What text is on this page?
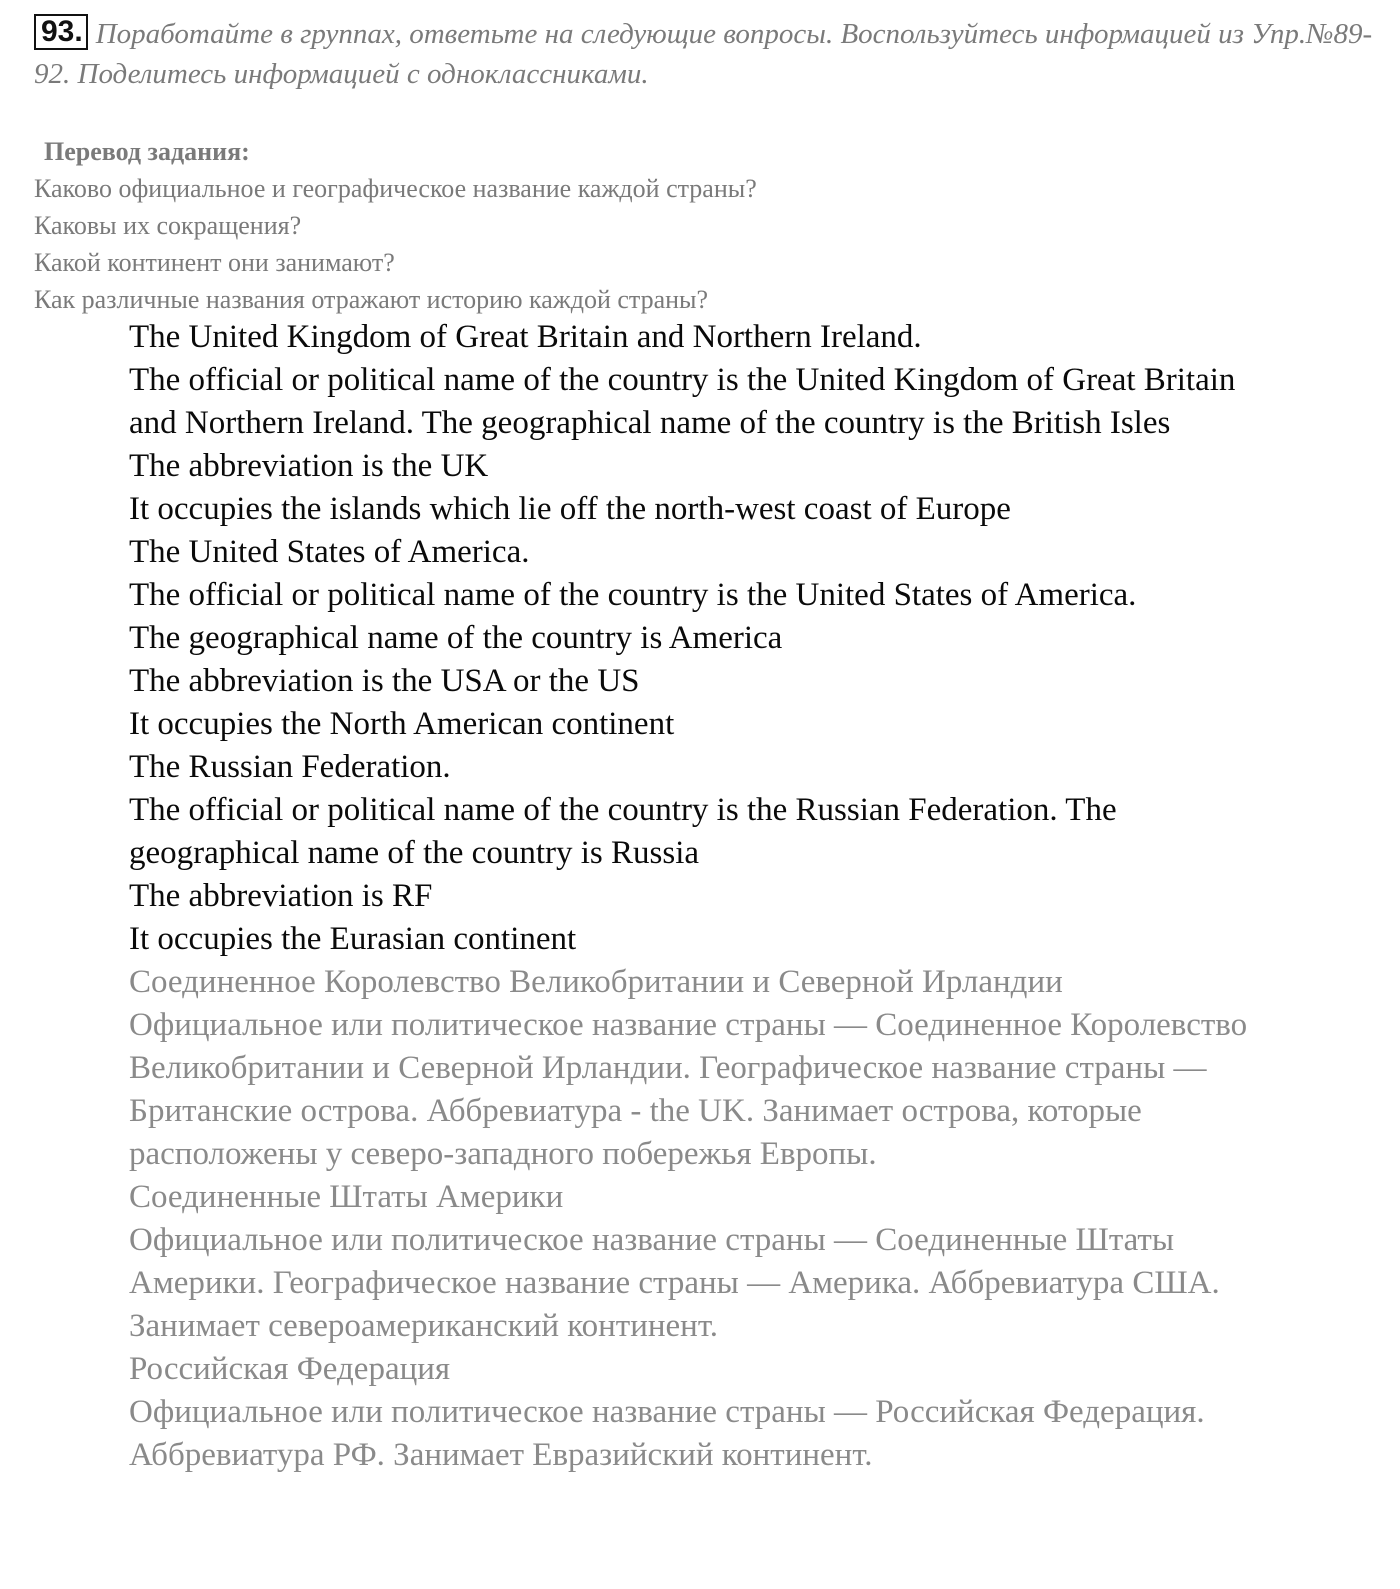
93. Поработайте в группах, ответьте на следующие вопросы. Воспользуйтесь информацией из Упр.№89-92. Поделитесь информацией с одноклассниками.
Перевод задания:
Каково официальное и географическое название каждой страны?
Каковы их сокращения?
Какой континент они занимают?
Как различные названия отражают историю каждой страны?
The United Kingdom of Great Britain and Northern Ireland.
The official or political name of the country is the United Kingdom of Great Britain and Northern Ireland. The geographical name of the country is the British Isles
The abbreviation is the UK
It occupies the islands which lie off the north-west coast of Europe
The United States of America.
The official or political name of the country is the United States of America.
The geographical name of the country is America
The abbreviation is the USA or the US
It occupies the North American continent
The Russian Federation.
The official or political name of the country is the Russian Federation. The geographical name of the country is Russia
The abbreviation is RF
It occupies the Eurasian continent
Соединенное Королевство Великобритании и Северной Ирландии
Официальное или политическое название страны — Соединенное Королевство Великобритании и Северной Ирландии. Географическое название страны — Британские острова. Аббревиатура - the UK. Занимает острова, которые расположены у северо-западного побережья Европы.
Соединенные Штаты Америки
Официальное или политическое название страны — Соединенные Штаты Америки. Географическое название страны — Америка. Аббревиатура США. Занимает североамериканский континент.
Российская Федерация
Официальное или политическое название страны — Российская Федерация. Аббревиатура РФ. Занимает Евразийский континент.
